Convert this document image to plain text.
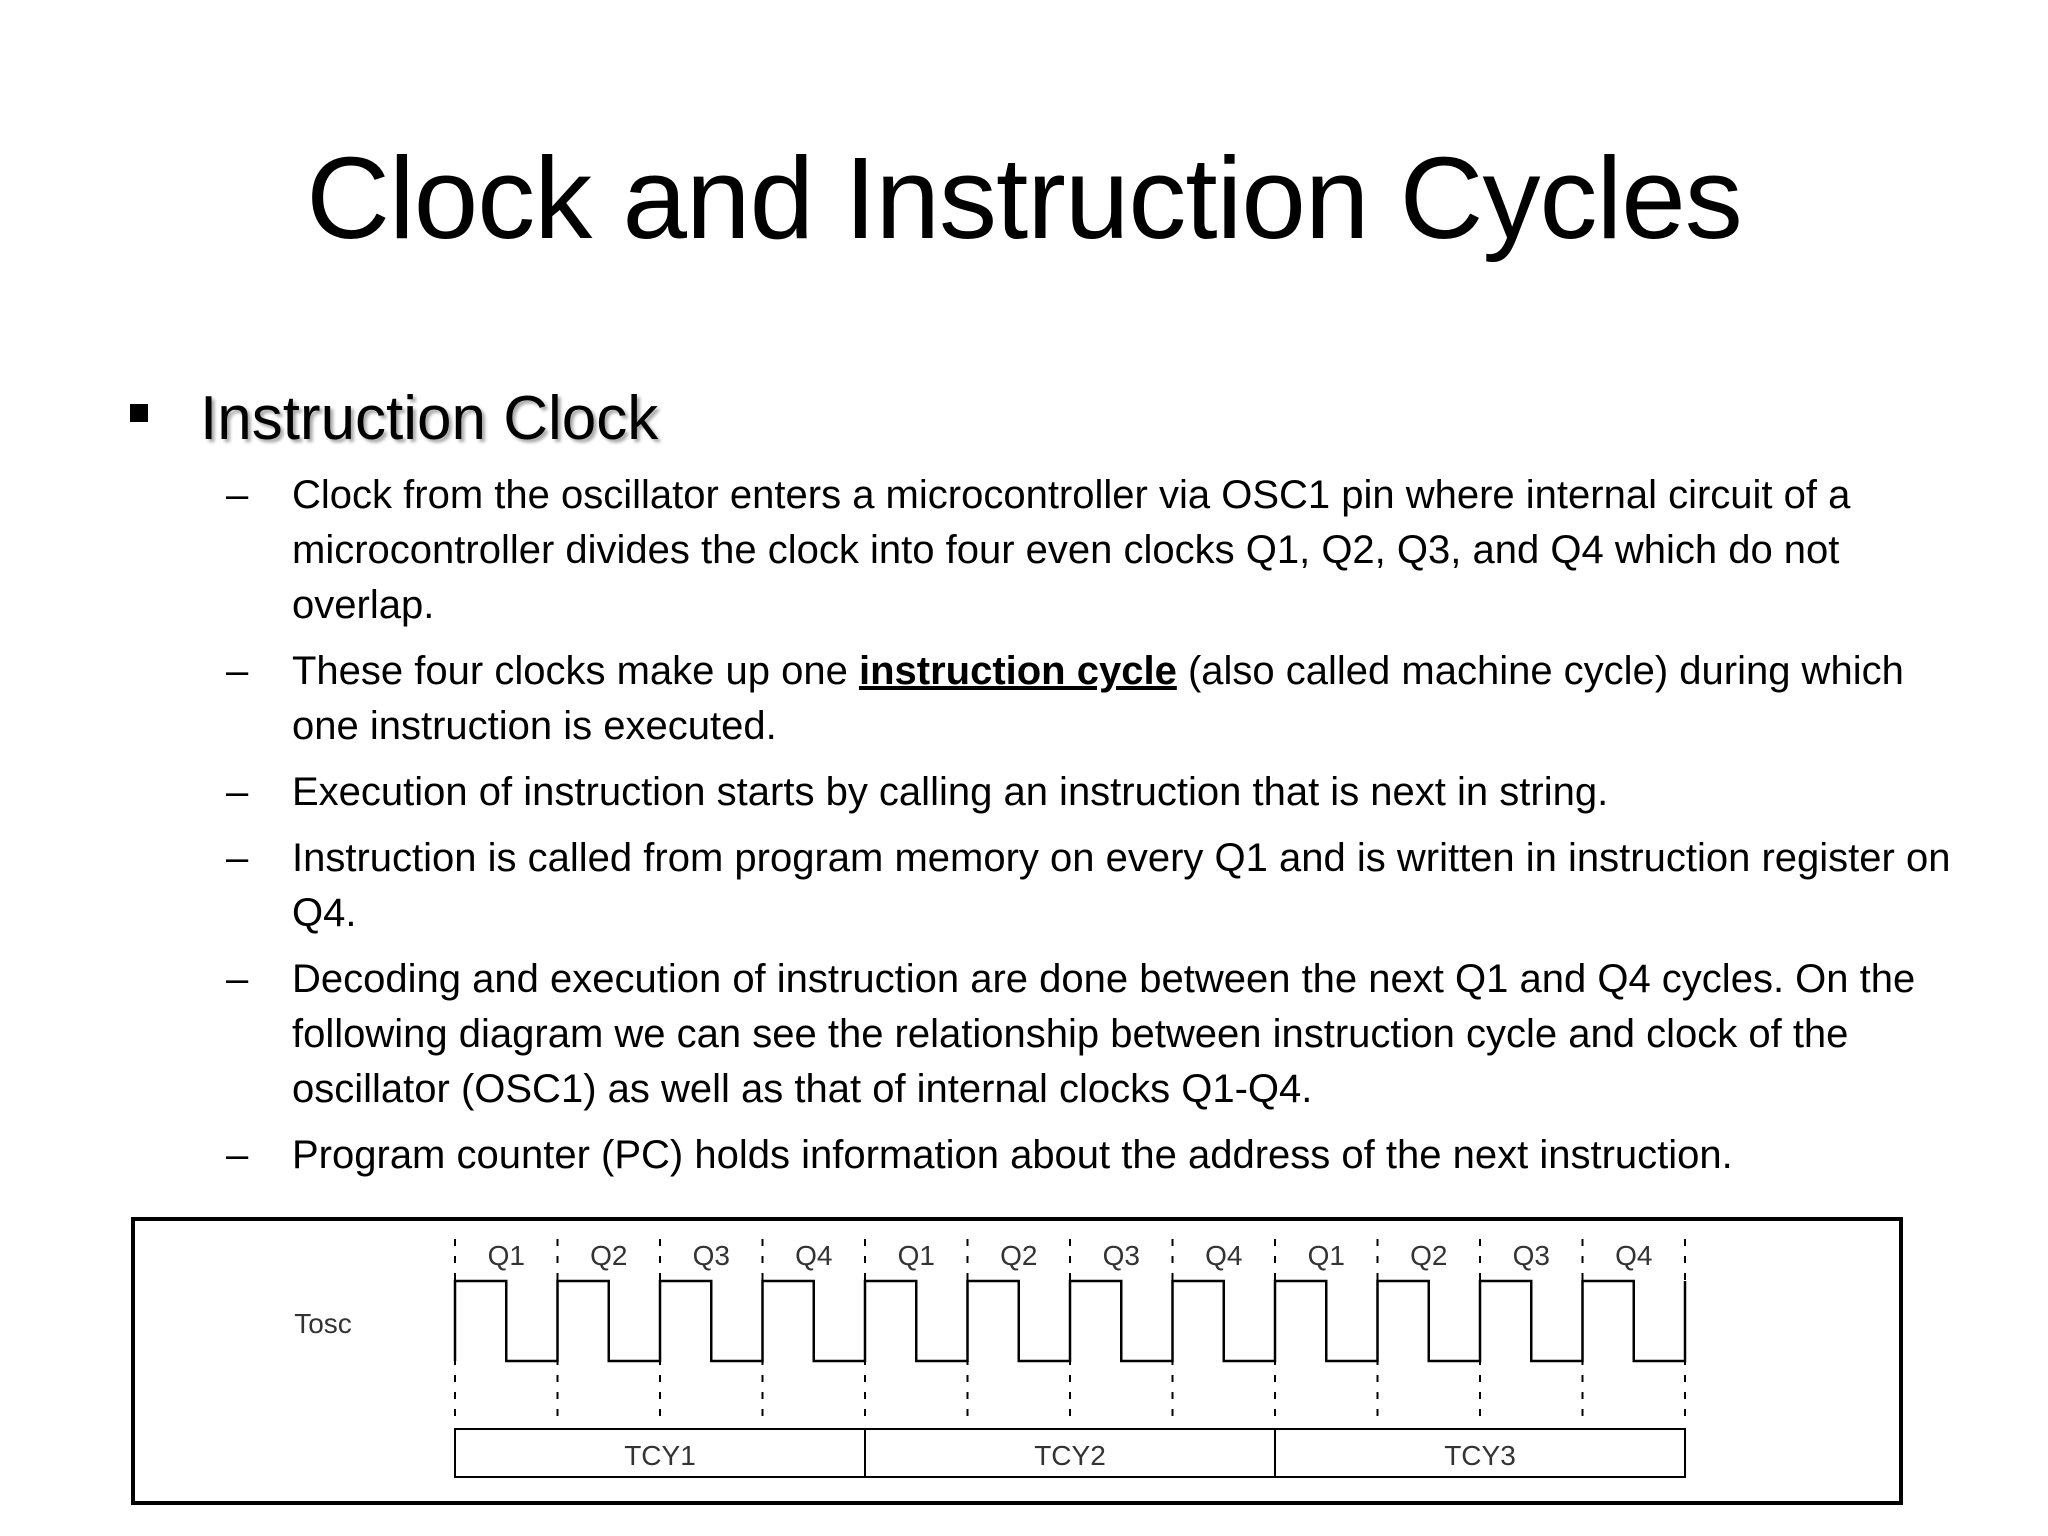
Clock and Instruction Cycles
Instruction Clock
– Clock from the oscillator enters a microcontroller via OSC1 pin where internal circuit of a microcontroller divides the clock into four even clocks Q1, Q2, Q3, and Q4 which do not overlap.
– These four clocks make up one instruction cycle (also called machine cycle) during which one instruction is executed.
– Execution of instruction starts by calling an instruction that is next in string.
– Instruction is called from program memory on every Q1 and is written in instruction register on Q4.
– Decoding and execution of instruction are done between the next Q1 and Q4 cycles. On the following diagram we can see the relationship between instruction cycle and clock of the oscillator (OSC1) as well as that of internal clocks Q1-Q4.
– Program counter (PC) holds information about the address of the next instruction.
Q1 Q2 Q3 Q4 Q1 Q2 Q3 Q4 Q1 Q2 Q3 Q4
Tosc
TCY1	TCY2	TCY3
